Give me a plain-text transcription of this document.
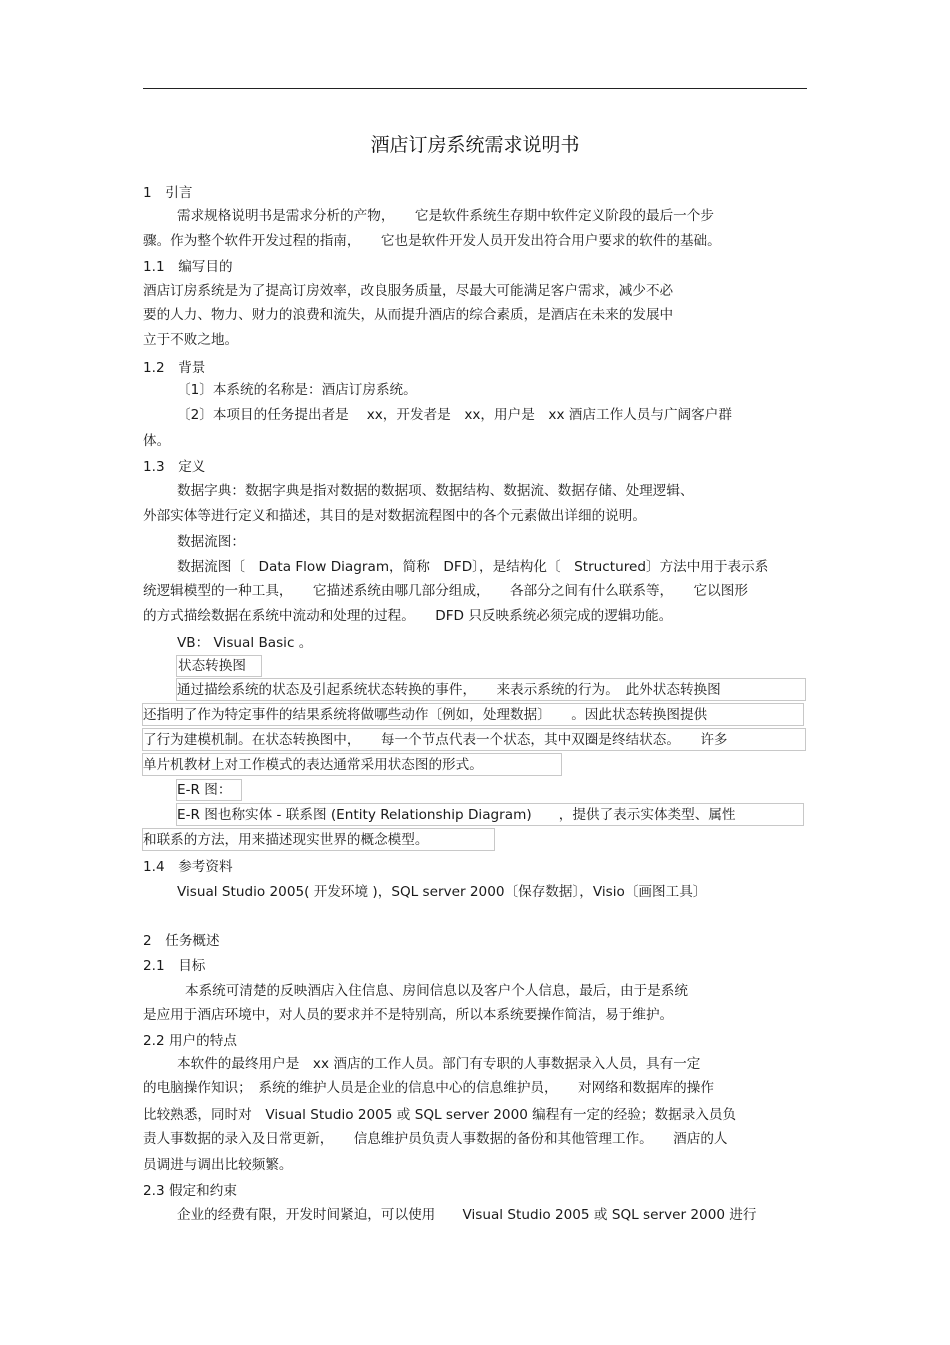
酒店订房系统需求说明书
1　引言
需求规格说明书是需求分析的产物，　　它是软件系统生存期中软件定义阶段的最后一个步
骤。作为整个软件开发过程的指南，　　它也是软件开发人员开发出符合用户要求的软件的基础。
1.1　编写目的
酒店订房系统是为了提高订房效率，改良服务质量，尽最大可能满足客户需求，减少不必
要的人力、物力、财力的浪费和流失，从而提升酒店的综合素质，是酒店在未来的发展中
立于不败之地。
1.2　背景
〔1〕本系统的名称是：酒店订房系统。
〔2〕本项目的任务提出者是　 xx，开发者是　xx，用户是　xx 酒店工作人员与广阔客户群
体。
1.3　定义
数据字典：数据字典是指对数据的数据项、数据结构、数据流、数据存储、处理逻辑、
外部实体等进行定义和描述，其目的是对数据流程图中的各个元素做出详细的说明。
数据流图：
数据流图〔　Data Flow Diagram，简称　DFD〕，是结构化〔　Structured〕方法中用于表示系
统逻辑模型的一种工具，　　它描述系统由哪几部分组成，　　各部分之间有什么联系等，　　它以图形
的方式描绘数据在系统中流动和处理的过程。　　DFD 只反映系统必须完成的逻辑功能。
VB： Visual Basic 。
状态转换图
通过描绘系统的状态及引起系统状态转换的事件，　　来表示系统的行为。　此外状态转换图
还指明了作为特定事件的结果系统将做哪些动作〔例如，处理数据〕　　。因此状态转换图提供
了行为建模机制。在状态转换图中，　　每一个节点代表一个状态，其中双圈是终结状态。　　许多
单片机教材上对工作模式的表达通常采用状态图的形式。
E-R 图：
E-R 图也称实体 - 联系图 (Entity Relationship Diagram)　　，提供了表示实体类型、属性
和联系的方法，用来描述现实世界的概念模型。
1.4　参考资料
Visual Studio 2005( 开发环境 )，SQL server 2000〔保存数据〕，Visio〔画图工具〕
2　任务概述
2.1　目标
本系统可清楚的反映酒店入住信息、房间信息以及客户个人信息，最后，由于是系统
是应用于酒店环境中，对人员的要求并不是特别高，所以本系统要操作简洁，易于维护。
2.2 用户的特点
本软件的最终用户是　xx 酒店的工作人员。部门有专职的人事数据录入人员，具有一定
的电脑操作知识；　系统的维护人员是企业的信息中心的信息维护员，　　对网络和数据库的操作
比较熟悉，同时对　Visual Studio 2005 或 SQL server 2000 编程有一定的经验；数据录入员负
责人事数据的录入及日常更新，　　信息维护员负责人事数据的备份和其他管理工作。　　酒店的人
员调进与调出比较频繁。
2.3 假定和约束
企业的经费有限，开发时间紧迫，可以使用　　Visual Studio 2005 或 SQL server 2000 进行
